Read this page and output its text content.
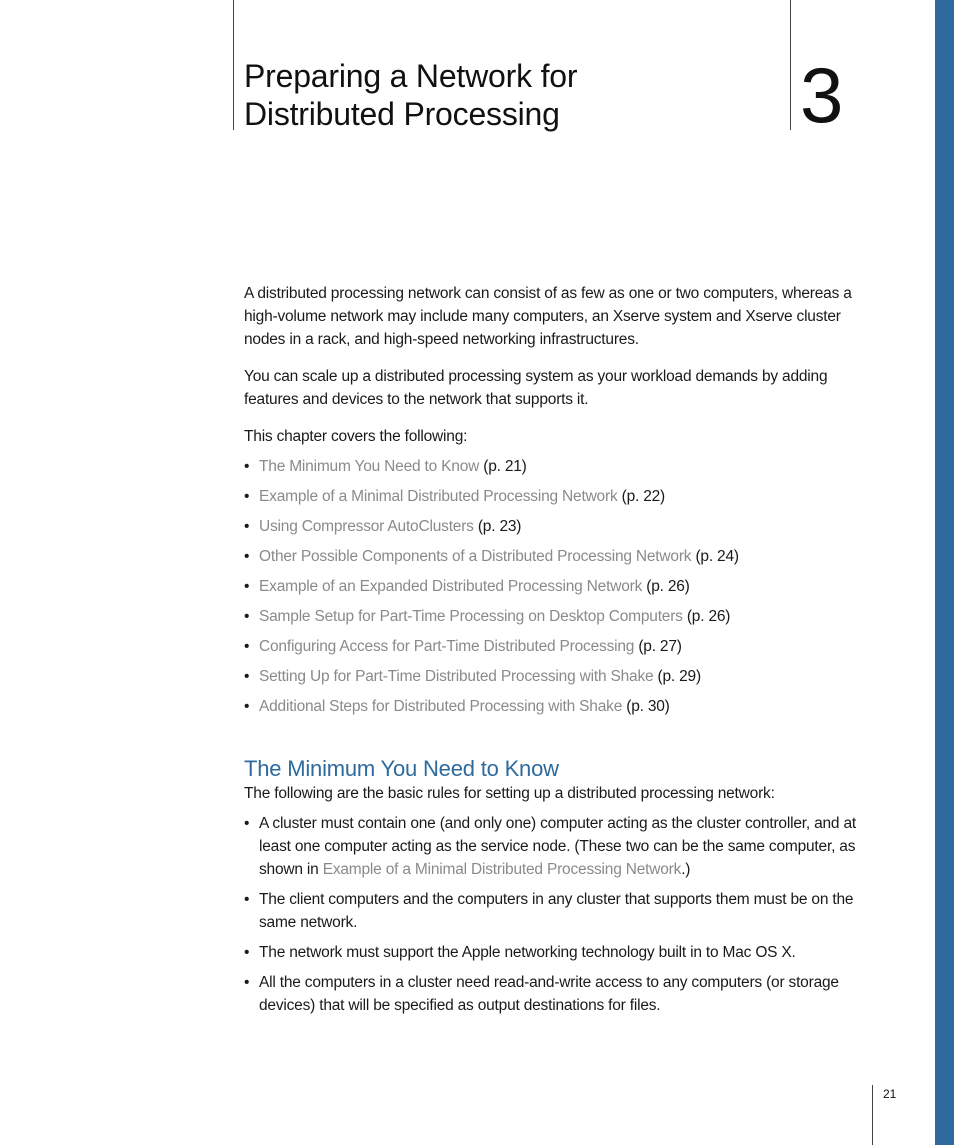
Preparing a Network for
Distributed Processing	3

A distributed processing network can consist of as few as one or two computers, whereas a high-volume network may include many computers, an Xserve system and Xserve cluster nodes in a rack, and high-speed networking infrastructures.

You can scale up a distributed processing system as your workload demands by adding features and devices to the network that supports it.

This chapter covers the following:

• The Minimum You Need to Know (p. 21)
• Example of a Minimal Distributed Processing Network (p. 22)
• Using Compressor AutoClusters (p. 23)
• Other Possible Components of a Distributed Processing Network (p. 24)
• Example of an Expanded Distributed Processing Network (p. 26)
• Sample Setup for Part-Time Processing on Desktop Computers (p. 26)
• Configuring Access for Part-Time Distributed Processing (p. 27)
• Setting Up for Part-Time Distributed Processing with Shake (p. 29)
• Additional Steps for Distributed Processing with Shake (p. 30)
The Minimum You Need to Know

The following are the basic rules for setting up a distributed processing network:

• A cluster must contain one (and only one) computer acting as the cluster controller, and at least one computer acting as the service node. (These two can be the same computer, as shown in Example of a Minimal Distributed Processing Network.)
• The client computers and the computers in any cluster that supports them must be on the same network.
• The network must support the Apple networking technology built in to Mac OS X.
• All the computers in a cluster need read-and-write access to any computers (or storage devices) that will be specified as output destinations for files.
21
